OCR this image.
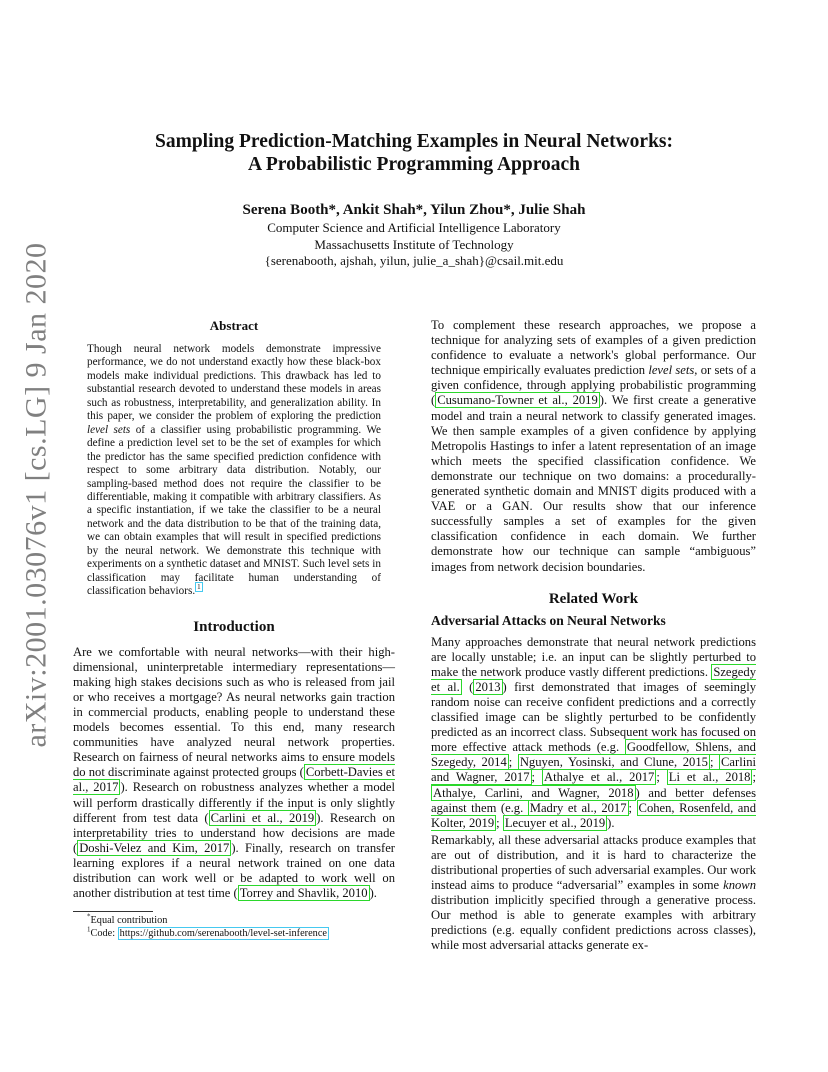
arXiv:2001.03076v1 [cs.LG] 9 Jan 2020
Sampling Prediction-Matching Examples in Neural Networks:
A Probabilistic Programming Approach
Serena Booth*, Ankit Shah*, Yilun Zhou*, Julie Shah
Computer Science and Artificial Intelligence Laboratory
Massachusetts Institute of Technology
{serenabooth, ajshah, yilun, julie_a_shah}@csail.mit.edu
Abstract

Though neural network models demonstrate impressive performance, we do not understand exactly how these black-box models make individual predictions. This drawback has led to substantial research devoted to understand these models in areas such as robustness, interpretability, and generalization ability. In this paper, we consider the problem of exploring the prediction level sets of a classifier using probabilistic programming. We define a prediction level set to be the set of examples for which the predictor has the same specified prediction confidence with respect to some arbitrary data distribution. Notably, our sampling-based method does not require the classifier to be differentiable, making it compatible with arbitrary classifiers. As a specific instantiation, if we take the classifier to be a neural network and the data distribution to be that of the training data, we can obtain examples that will result in specified predictions by the neural network. We demonstrate this technique with experiments on a synthetic dataset and MNIST. Such level sets in classification may facilitate human understanding of classification behaviors. $^1$

Introduction

Are we comfortable with neural networks—with their high-dimensional, uninterpretable intermediary representations—making high stakes decisions such as who is released from jail or who receives a mortgage? As neural networks gain traction in commercial products, enabling people to understand these models becomes essential. To this end, many research communities have analyzed neural network properties. Research on fairness of neural networks aims to ensure models do not discriminate against protected groups ( Corbett-Davies et al., 2017 ). Research on robustness analyzes whether a model will perform drastically differently if the input is only slightly different from test data ( Carlini et al., 2019 ). Research on interpretability tries to understand how decisions are made ( Doshi-Velez and Kim, 2017 ). Finally, research on transfer learning explores if a neural network trained on one data distribution can work well or be adapted to work well on another distribution at test time ( Torrey and Shavlik, 2010 ).

*Equal contribution

$^1$Code: https://github.com/serenabooth/level-set-inference

To complement these research approaches, we propose a technique for analyzing sets of examples of a given prediction confidence to evaluate a network's global performance. Our technique empirically evaluates prediction level sets, or sets of a given confidence, through applying probabilistic programming ( Cusumano-Towner et al., 2019 ). We first create a generative model and train a neural network to classify generated images. We then sample examples of a given confidence by applying Metropolis Hastings to infer a latent representation of an image which meets the specified classification confidence. We demonstrate our technique on two domains: a procedurally-generated synthetic domain and MNIST digits produced with a VAE or a GAN. Our results show that our inference successfully samples a set of examples for the given classification confidence in each domain. We further demonstrate how our technique can sample “ambiguous” images from network decision boundaries.

Related Work
Adversarial Attacks on Neural Networks

Many approaches demonstrate that neural network predictions are locally unstable; i.e. an input can be slightly perturbed to make the network produce vastly different predictions. Szegedy et al. ( 2013 ) first demonstrated that images of seemingly random noise can receive confident predictions and a correctly classified image can be slightly perturbed to be confidently predicted as an incorrect class. Subsequent work has focused on more effective attack methods (e.g. Goodfellow, Shlens, and Szegedy, 2014 ; Nguyen, Yosinski, and Clune, 2015 ; Carlini and Wagner, 2017 ; Athalye et al., 2017 ; Li et al., 2018 ; Athalye, Carlini, and Wagner, 2018 ) and better defenses against them (e.g. Madry et al., 2017 ; Cohen, Rosenfeld, and Kolter, 2019 ; Lecuyer et al., 2019 ).

Remarkably, all these adversarial attacks produce examples that are out of distribution, and it is hard to characterize the distributional properties of such adversarial examples. Our work instead aims to produce “adversarial” examples in some known distribution implicitly specified through a generative process. Our method is able to generate examples with arbitrary predictions (e.g. equally confident predictions across classes), while most adversarial attacks generate ex-
